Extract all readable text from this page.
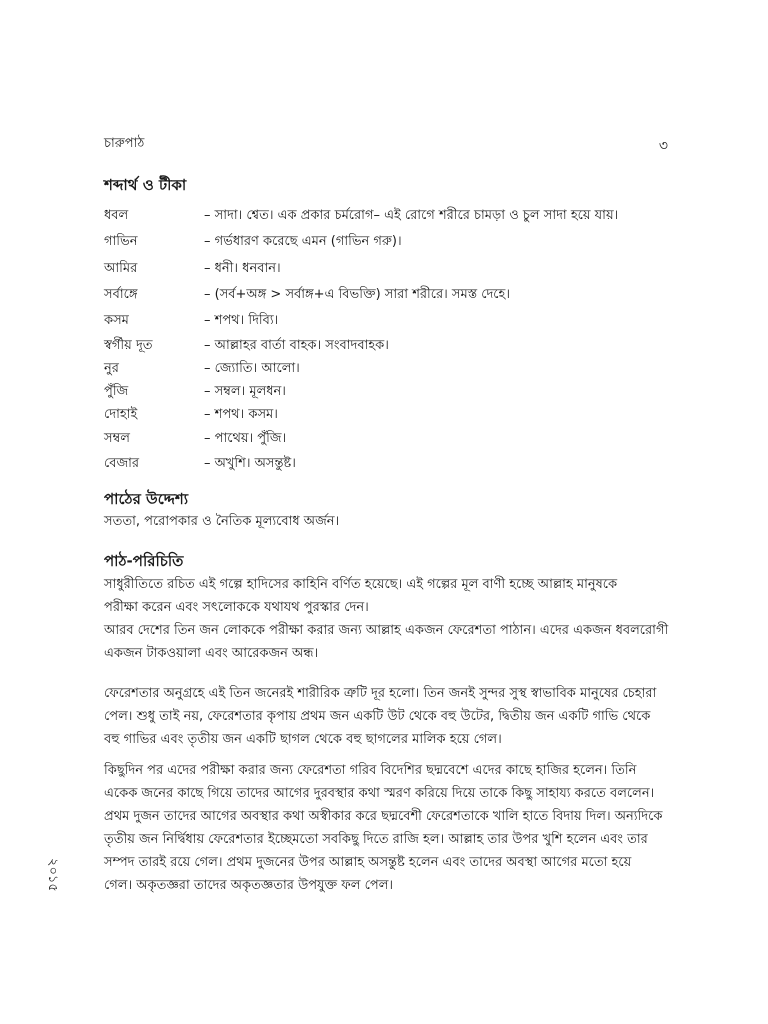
চারুপাঠ	৩
শব্দার্থ ও টীকা
ধবল	– সাদা। শ্বেত। এক প্রকার চর্মরোগ– এই রোগে শরীরে চামড়া ও চুল সাদা হয়ে যায়।
গাভিন	– গর্ভধারণ করেছে এমন (গাভিন গরু)।
আমির	– ধনী। ধনবান।
সর্বাঙ্গে	– (সর্ব+অঙ্গ > সর্বাঙ্গ+এ বিভক্তি) সারা শরীরে। সমস্ত দেহে।
কসম	– শপথ। দিব্যি।
স্বর্গীয় দূত	– আল্লাহর বার্তা বাহক। সংবাদবাহক।
নুর	– জ্যোতি। আলো।
পুঁজি	– সম্বল। মূলধন।
দোহাই	– শপথ। কসম।
সম্বল	– পাথেয়। পুঁজি।
বেজার	– অখুশি। অসন্তুষ্ট।
পাঠের উদ্দেশ্য
সততা, পরোপকার ও নৈতিক মূল্যবোধ অর্জন।
পাঠ-পরিচিতি
সাধুরীতিতে রচিত এই গল্পে হাদিসের কাহিনি বর্ণিত হয়েছে। এই গল্পের মূল বাণী হচ্ছে আল্লাহ মানুষকে
পরীক্ষা করেন এবং সৎলোককে যথাযথ পুরস্কার দেন।
আরব দেশের তিন জন লোককে পরীক্ষা করার জন্য আল্লাহ একজন ফেরেশতা পাঠান। এদের একজন ধবলরোগী
একজন টাকওয়ালা এবং আরেকজন অন্ধ।
ফেরেশতার অনুগ্রহে এই তিন জনেরই শারীরিক ত্রুটি দূর হলো। তিন জনই সুন্দর সুস্থ স্বাভাবিক মানুষের চেহারা
পেল। শুধু তাই নয়, ফেরেশতার কৃপায় প্রথম জন একটি উট থেকে বহু উটের, দ্বিতীয় জন একটি গাভি থেকে
বহু গাভির এবং তৃতীয় জন একটি ছাগল থেকে বহু ছাগলের মালিক হয়ে গেল।
কিছুদিন পর এদের পরীক্ষা করার জন্য ফেরেশতা গরিব বিদেশির ছদ্মবেশে এদের কাছে হাজির হলেন। তিনি
একেক জনের কাছে গিয়ে তাদের আগের দুরবস্থার কথা স্মরণ করিয়ে দিয়ে তাকে কিছু সাহায্য করতে বললেন।
প্রথম দুজন তাদের আগের অবস্থার কথা অস্বীকার করে ছদ্মবেশী ফেরেশতাকে খালি হাতে বিদায় দিল। অন্যদিকে
তৃতীয় জন নির্দ্বিধায় ফেরেশতার ইচ্ছেমতো সবকিছু দিতে রাজি হল। আল্লাহ তার উপর খুশি হলেন এবং তার
সম্পদ তারই রয়ে গেল। প্রথম দুজনের উপর আল্লাহ অসন্তুষ্ট হলেন এবং তাদের অবস্থা আগের মতো হয়ে
গেল। অকৃতজ্ঞরা তাদের অকৃতজ্ঞতার উপযুক্ত ফল পেল।
২০১৫
